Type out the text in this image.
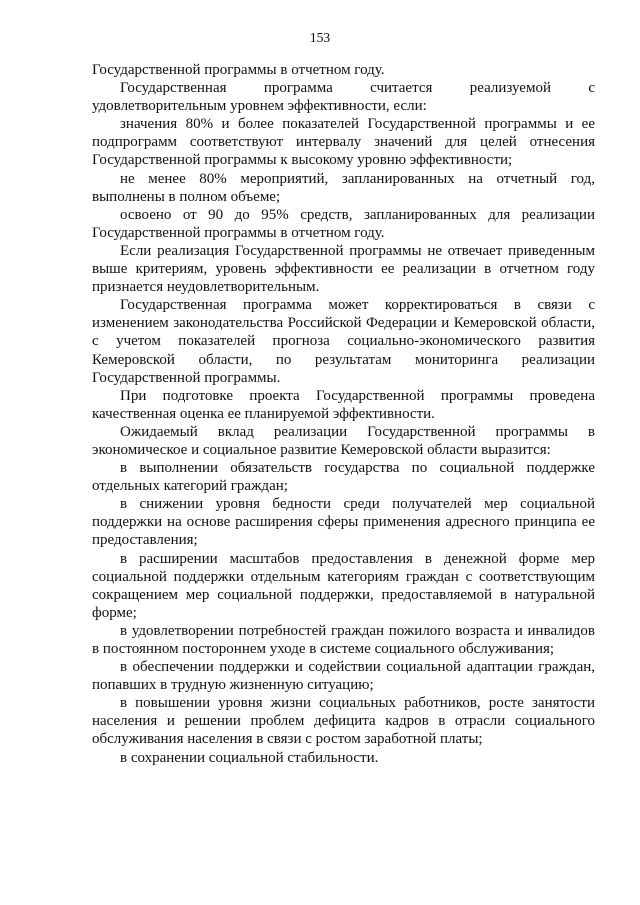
153

Государственной программы в отчетном году.

Государственная программа считается реализуемой с удовлетворительным уровнем эффективности, если:

значения 80% и более показателей Государственной программы и ее подпрограмм соответствуют интервалу значений для целей отнесения Государственной программы к высокому уровню эффективности;

не менее 80% мероприятий, запланированных на отчетный год, выполнены в полном объеме;

освоено от 90 до 95% средств, запланированных для реализации Государственной программы в отчетном году.

Если реализация Государственной программы не отвечает приведенным выше критериям, уровень эффективности ее реализации в отчетном году признается неудовлетворительным.

Государственная программа может корректироваться в связи с изменением законодательства Российской Федерации и Кемеровской области, с учетом показателей прогноза социально-экономического развития Кемеровской области, по результатам мониторинга реализации Государственной программы.

При подготовке проекта Государственной программы проведена качественная оценка ее планируемой эффективности.

Ожидаемый вклад реализации Государственной программы в экономическое и социальное развитие Кемеровской области выразится:

в выполнении обязательств государства по социальной поддержке отдельных категорий граждан;

в снижении уровня бедности среди получателей мер социальной поддержки на основе расширения сферы применения адресного принципа ее предоставления;

в расширении масштабов предоставления в денежной форме мер социальной поддержки отдельным категориям граждан с соответствующим сокращением мер социальной поддержки, предоставляемой в натуральной форме;

в удовлетворении потребностей граждан пожилого возраста и инвалидов в постоянном постороннем уходе в системе социального обслуживания;

в обеспечении поддержки и содействии социальной адаптации граждан, попавших в трудную жизненную ситуацию;

в повышении уровня жизни социальных работников, росте занятости населения и решении проблем дефицита кадров в отрасли социального обслуживания населения в связи с ростом заработной платы;

в сохранении социальной стабильности.
